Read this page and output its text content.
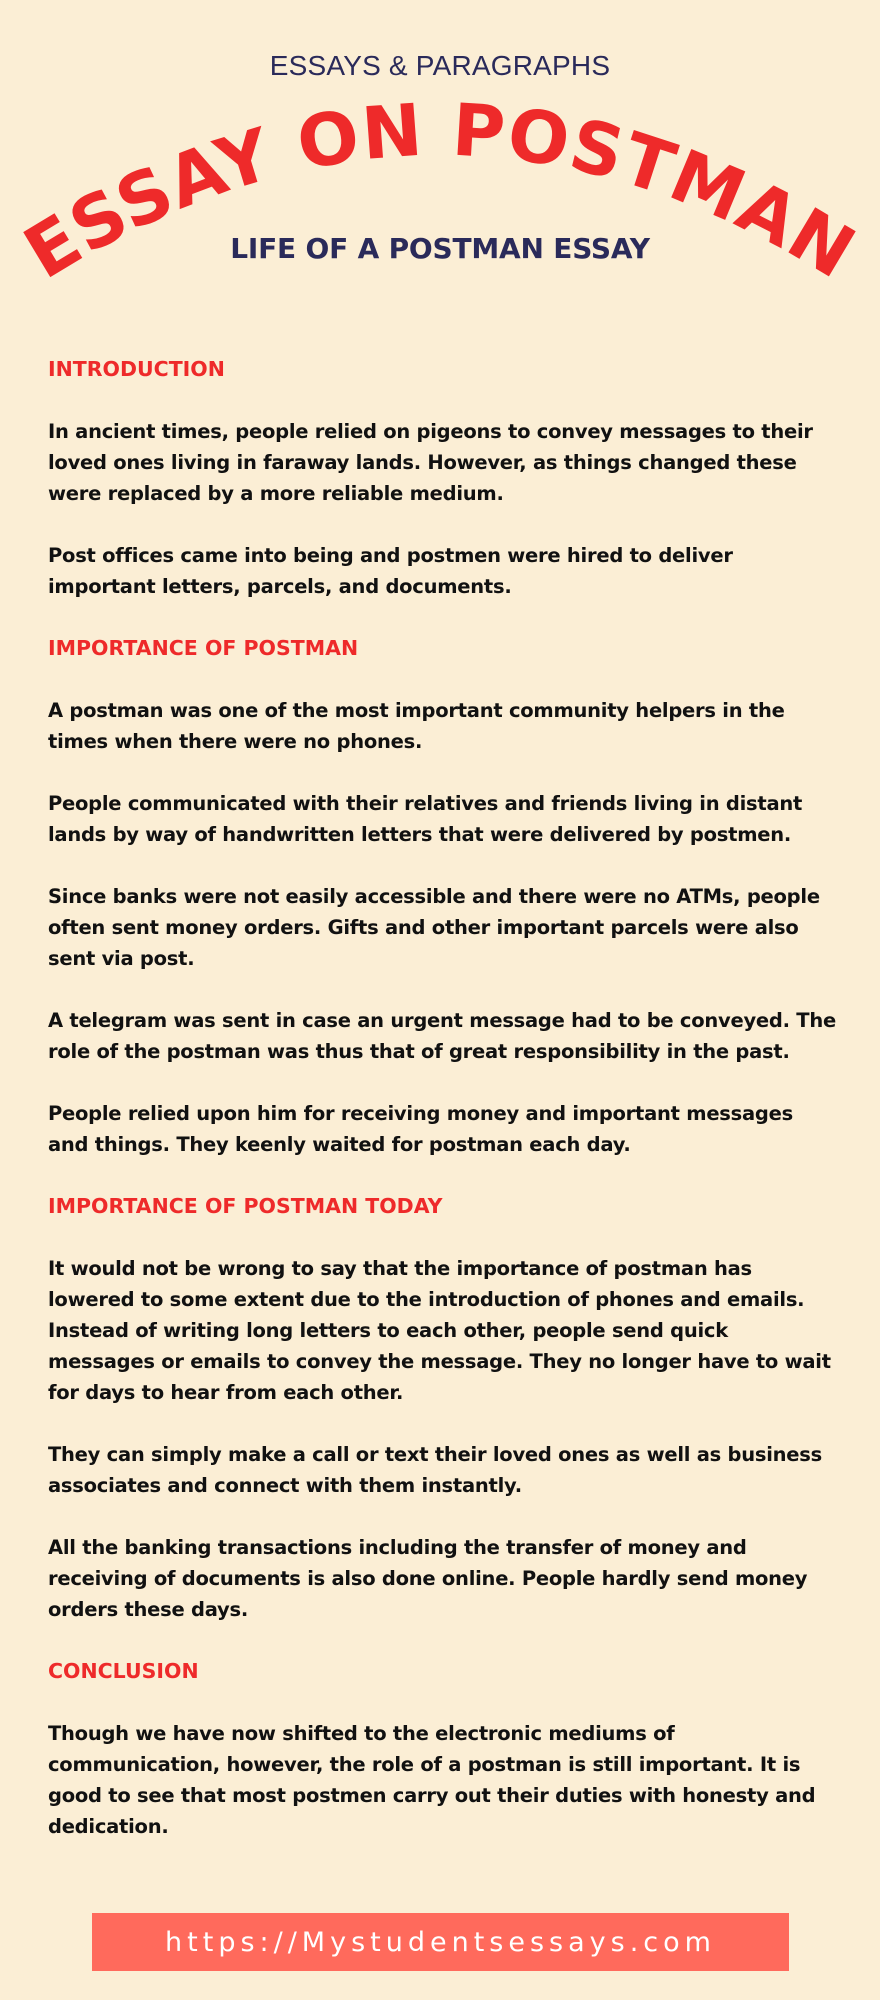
ESSAYS & PARAGRAPHS
ESSAY ON POSTMAN
LIFE OF A POSTMAN ESSAY
INTRODUCTION

In ancient times, people relied on pigeons to convey messages to their loved ones living in faraway lands. However, as things changed these were replaced by a more reliable medium.

Post offices came into being and postmen were hired to deliver important letters, parcels, and documents.

IMPORTANCE OF POSTMAN

A postman was one of the most important community helpers in the times when there were no phones.

People communicated with their relatives and friends living in distant lands by way of handwritten letters that were delivered by postmen.

Since banks were not easily accessible and there were no ATMs, people often sent money orders. Gifts and other important parcels were also sent via post.

A telegram was sent in case an urgent message had to be conveyed. The role of the postman was thus that of great responsibility in the past.

People relied upon him for receiving money and important messages and things. They keenly waited for postman each day.

IMPORTANCE OF POSTMAN TODAY

It would not be wrong to say that the importance of postman has lowered to some extent due to the introduction of phones and emails. Instead of writing long letters to each other, people send quick messages or emails to convey the message. They no longer have to wait for days to hear from each other.

They can simply make a call or text their loved ones as well as business associates and connect with them instantly.

All the banking transactions including the transfer of money and receiving of documents is also done online. People hardly send money orders these days.

CONCLUSION

Though we have now shifted to the electronic mediums of communication, however, the role of a postman is still important. It is good to see that most postmen carry out their duties with honesty and dedication.

https://Mystudentsessays.com
